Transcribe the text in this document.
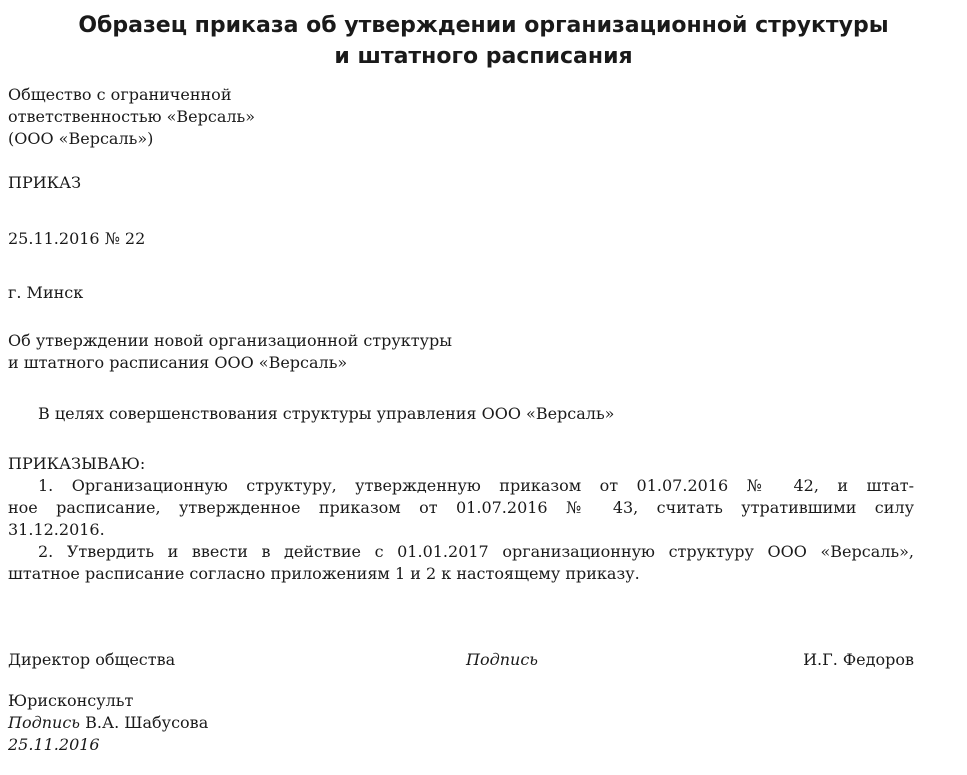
Образец приказа об утверждении организационной структуры
и штатного расписания
Общество с ограниченной
ответственностью «Версаль»
(ООО «Версаль»)
ПРИКАЗ
25.11.2016 № 22
г. Минск
Об утверждении новой организационной структуры
и штатного расписания ООО «Версаль»
В целях совершенствования структуры управления ООО «Версаль»
ПРИКАЗЫВАЮ:
1. Организационную структуру, утвержденную приказом от 01.07.2016 № 42, и штат-
ное расписание, утвержденное приказом от 01.07.2016 № 43, считать утратившими силу
31.12.2016.
2. Утвердить и ввести в действие с 01.01.2017 организационную структуру ООО «Версаль»,
штатное расписание согласно приложениям 1 и 2 к настоящему приказу.
Директор общества	Подпись	И.Г. Федоров
Юрисконсульт
Подпись В.А. Шабусова
25.11.2016
